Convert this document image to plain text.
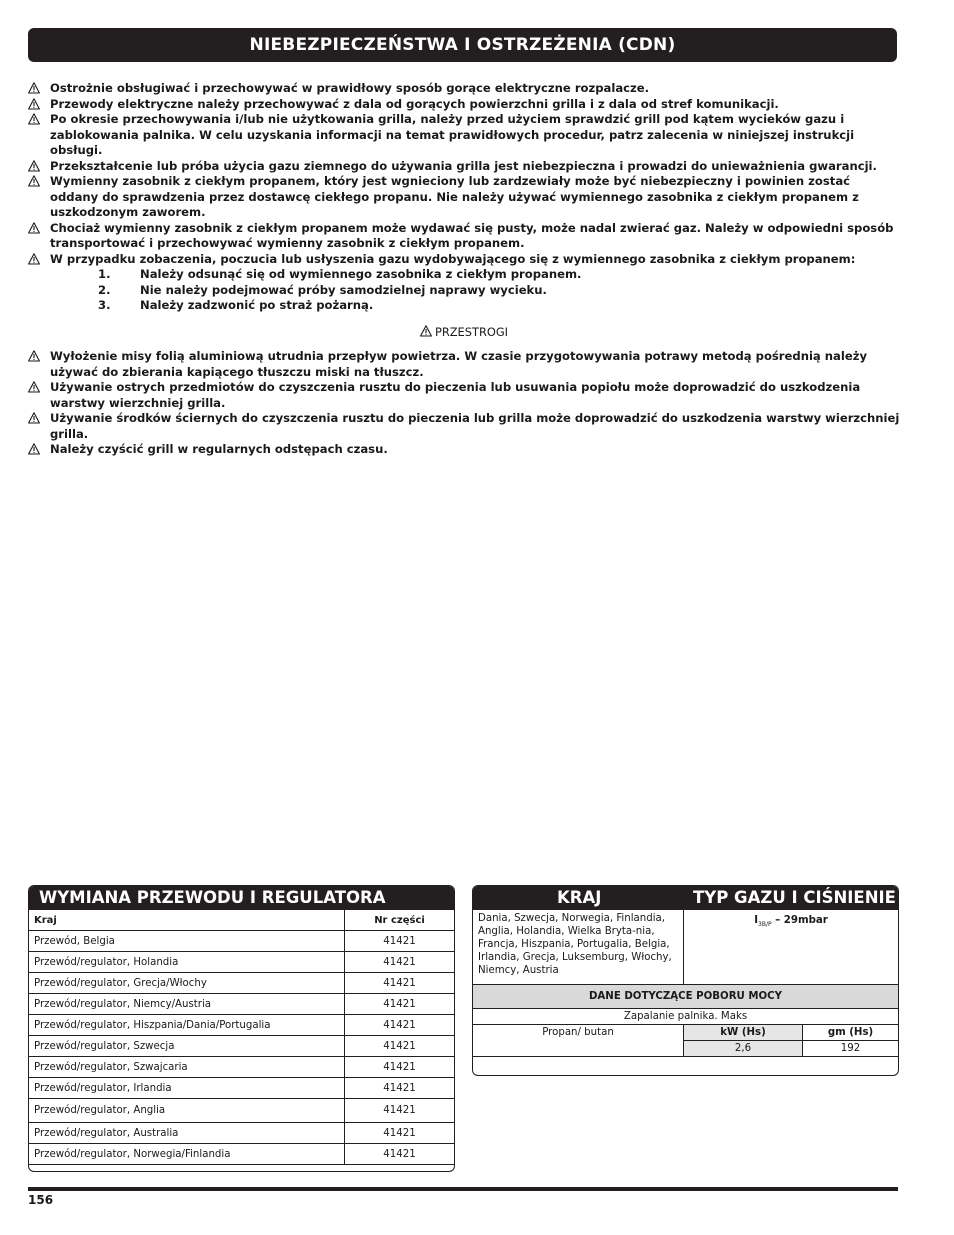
NIEBEZPIECZEŃSTWA I OSTRZEŻENIA (CDN)
Ostrożnie obsługiwać i przechowywać w prawidłowy sposób gorące elektryczne rozpalacze.
Przewody elektryczne należy przechowywać z dala od gorących powierzchni grilla i z dala od stref komunikacji.
Po okresie przechowywania i/lub nie użytkowania grilla, należy przed użyciem sprawdzić grill pod kątem wycieków gazu i zablokowania palnika. W celu uzyskania informacji na temat prawidłowych procedur, patrz zalecenia w niniejszej instrukcji obsługi.
Przekształcenie lub próba użycia gazu ziemnego do używania grilla jest niebezpieczna i prowadzi do unieważnienia gwarancji.
Wymienny zasobnik z ciekłym propanem, który jest wgnieciony lub zardzewiały może być niebezpieczny i powinien zostać oddany do sprawdzenia przez dostawcę ciekłego propanu. Nie należy używać wymiennego zasobnika z ciekłym propanem z uszkodzonym zaworem.
Chociaż wymienny zasobnik z ciekłym propanem może wydawać się pusty, może nadal zwierać gaz. Należy w odpowiedni sposób transportować i przechowywać wymienny zasobnik z ciekłym propanem.
W przypadku zobaczenia, poczucia lub usłyszenia gazu wydobywającego się z wymiennego zasobnika z ciekłym propanem:
1.	Należy odsunąć się od wymiennego zasobnika z ciekłym propanem.
2.	Nie należy podejmować próby samodzielnej naprawy wycieku.
3.	Należy zadzwonić po straż pożarną.
PRZESTROGI
Wyłożenie misy folią aluminiową utrudnia przepływ powietrza. W czasie przygotowywania potrawy metodą pośrednią należy używać do zbierania kapiącego tłuszczu miski na tłuszcz.
Używanie ostrych przedmiotów do czyszczenia rusztu do pieczenia lub usuwania popiołu może doprowadzić do uszkodzenia warstwy wierzchniej grilla.
Używanie środków ściernych do czyszczenia rusztu do pieczenia lub grilla może doprowadzić do uszkodzenia warstwy wierzchniej grilla.
Należy czyścić grill w regularnych odstępach czasu.
WYMIANA PRZEWODU I REGULATORA
Kraj	Nr części
Przewód, Belgia	41421
Przewód/regulator, Holandia	41421
Przewód/regulator, Grecja/Włochy	41421
Przewód/regulator, Niemcy/Austria	41421
Przewód/regulator, Hiszpania/Dania/Portugalia	41421
Przewód/regulator, Szwecja	41421
Przewód/regulator, Szwajcaria	41421
Przewód/regulator, Irlandia	41421
Przewód/regulator, Anglia	41421
Przewód/regulator, Australia	41421
Przewód/regulator, Norwegia/Finlandia	41421
KRAJ	TYP GAZU I CIŚNIENIE
Dania, Szwecja, Norwegia, Finlandia, Anglia, Holandia, Wielka Bryta-nia, Francja, Hiszpania, Portugalia, Belgia, Irlandia, Grecja, Luksemburg, Włochy, Niemcy, Austria	$I_{3B/P}$ – 29mbar	
DANE DOTYCZĄCE POBORU MOCY		
Zapalanie palnika. Maks		
Propan/ butan	kW (Hs)	gm (Hs)
	2,6	192
156
